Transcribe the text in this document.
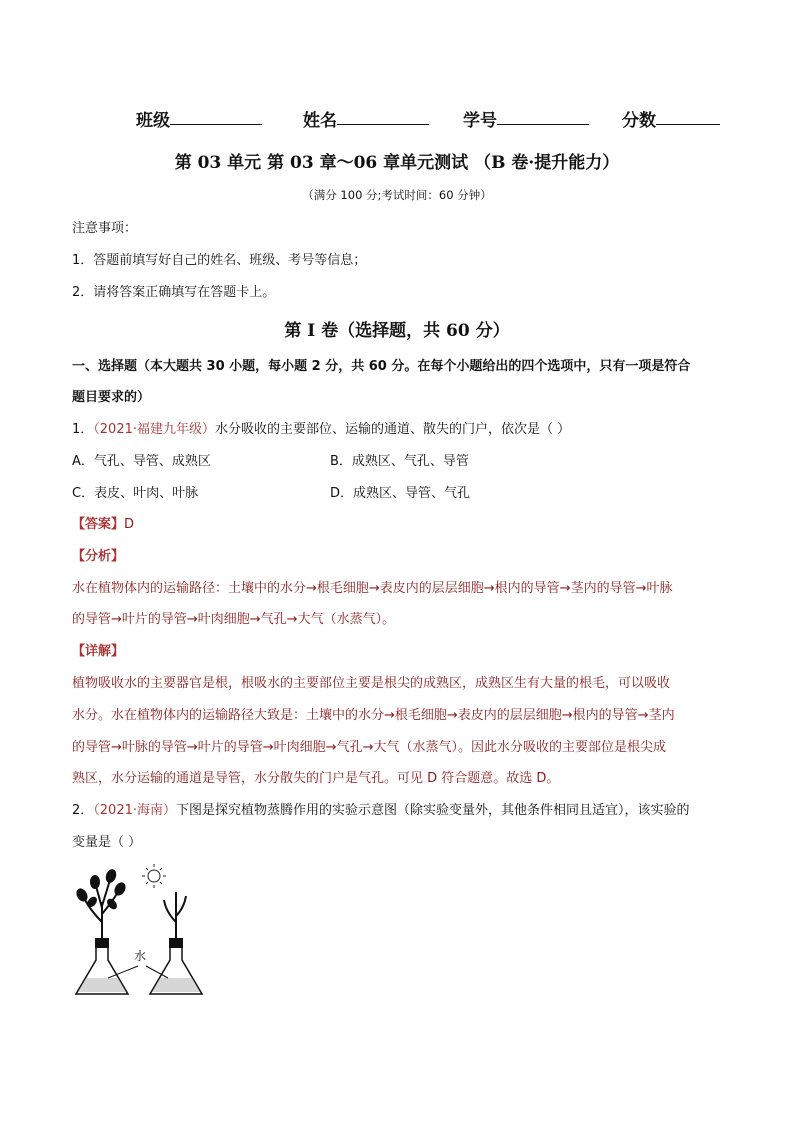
班级	姓名	学号	分数
第 03 单元 第 03 章～06 章单元测试 （B 卷·提升能力）
（满分 100 分;考试时间：60 分钟）
注意事项：
1．答题前填写好自己的姓名、班级、考号等信息；
2．请将答案正确填写在答题卡上。
第 I 卷（选择题，共 60 分）
一、选择题（本大题共 30 小题，每小题 2 分，共 60 分。在每个小题给出的四个选项中，只有一项是符合
题目要求的）
1．（2021·福建九年级）水分吸收的主要部位、运输的通道、散失的门户，依次是（ ）
A．气孔、导管、成熟区	B．成熟区、气孔、导管
C．表皮、叶肉、叶脉	D．成熟区、导管、气孔
【答案】D
【分析】
水在植物体内的运输路径：土壤中的水分→根毛细胞→表皮内的层层细胞→根内的导管→茎内的导管→叶脉
的导管→叶片的导管→叶肉细胞→气孔→大气（水蒸气）。
【详解】
植物吸收水的主要器官是根，根吸水的主要部位主要是根尖的成熟区，成熟区生有大量的根毛，可以吸收
水分。水在植物体内的运输路径大致是：土壤中的水分→根毛细胞→表皮内的层层细胞→根内的导管→茎内
的导管→叶脉的导管→叶片的导管→叶肉细胞→气孔→大气（水蒸气）。因此水分吸收的主要部位是根尖成
熟区，水分运输的通道是导管，水分散失的门户是气孔。可见 D 符合题意。故选 D。
2．（2021·海南）下图是探究植物蒸腾作用的实验示意图（除实验变量外，其他条件相同且适宜），该实验的
变量是（ ）
水
